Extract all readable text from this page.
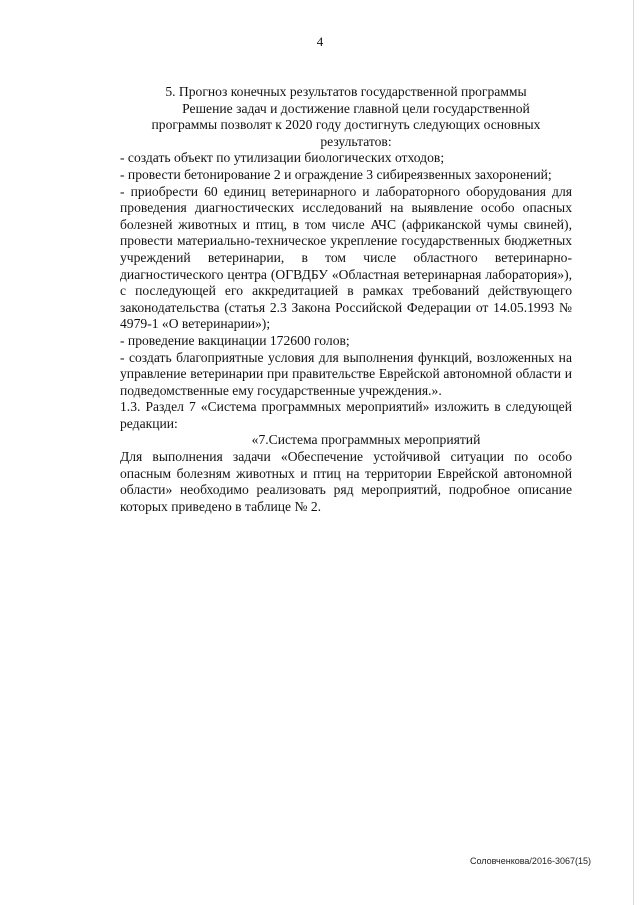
4

5. Прогноз конечных результатов государственной программы

Решение задач и достижение главной цели государственной

программы позволят к 2020 году достигнуть следующих основных

результатов:

- создать объект по утилизации биологических отходов;

- провести бетонирование 2 и ограждение 3 сибиреязвенных захоронений;

- приобрести 60 единиц ветеринарного и лабораторного оборудования для проведения диагностических исследований на выявление особо опасных болезней животных и птиц, в том числе АЧС (африканской чумы свиней), провести материально-техническое укрепление государственных бюджетных учреждений ветеринарии, в том числе областного ветеринарно-диагностического центра (ОГВДБУ «Областная ветеринарная лаборатория»), с последующей его аккредитацией в рамках требований действующего законодательства (статья 2.3 Закона Российской Федерации от 14.05.1993 № 4979-1 «О ветеринарии»);

- проведение вакцинации 172600 голов;

- создать благоприятные условия для выполнения функций, возложенных на управление ветеринарии при правительстве Еврейской автономной области и подведомственные ему государственные учреждения.».

1.3. Раздел 7 «Система программных мероприятий» изложить в следующей редакции:

«7.Система программных мероприятий

Для выполнения задачи «Обеспечение устойчивой ситуации по особо опасным болезням животных и птиц на территории Еврейской автономной области» необходимо реализовать ряд мероприятий, подробное описание которых приведено в таблице № 2.

Соловченкова/2016-3067(15)
